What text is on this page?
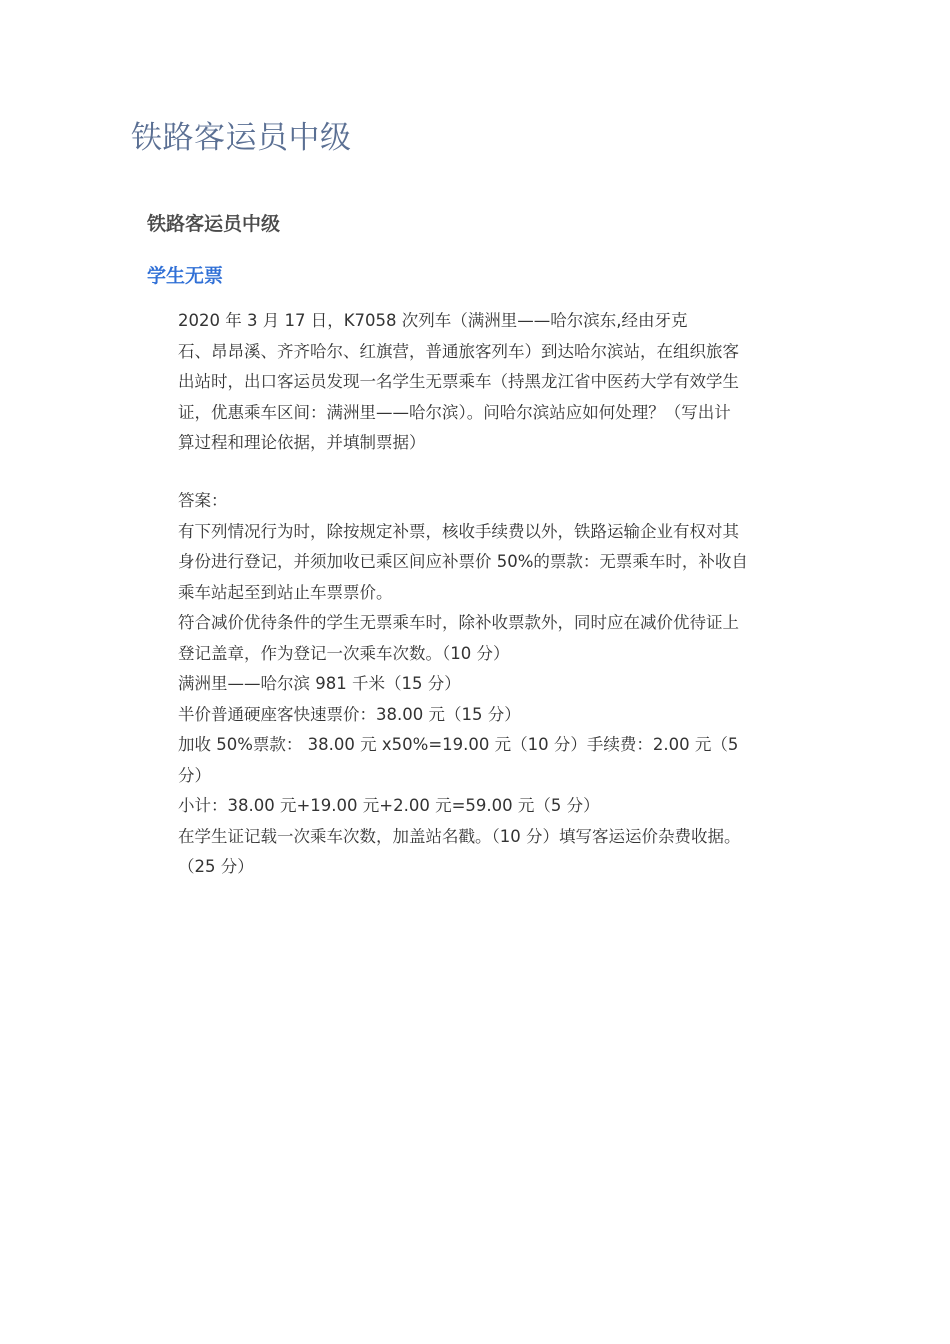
铁路客运员中级
铁路客运员中级
学生无票
2020 年 3 月 17 日，K7058 次列车（满洲里——哈尔滨东,经由牙克
石、昂昂溪、齐齐哈尔、红旗营，普通旅客列车）到达哈尔滨站，在组织旅客
出站时，出口客运员发现一名学生无票乘车（持黑龙江省中医药大学有效学生
证，优惠乘车区间：满洲里——哈尔滨）。问哈尔滨站应如何处理？（写出计
算过程和理论依据，并填制票据）
答案：
有下列情况行为时，除按规定补票，核收手续费以外，铁路运输企业有权对其
身份进行登记，并须加收已乘区间应补票价 50%的票款：无票乘车时，补收自
乘车站起至到站止车票票价。
符合减价优待条件的学生无票乘车时，除补收票款外，同时应在减价优待证上
登记盖章，作为登记一次乘车次数。（10 分）
满洲里——哈尔滨 981 千米（15 分）
半价普通硬座客快速票价：38.00 元（15 分）
加收 50%票款： 38.00 元 x50%=19.00 元（10 分）手续费：2.00 元（5
分）
小计：38.00 元+19.00 元+2.00 元=59.00 元（5 分）
在学生证记载一次乘车次数，加盖站名戳。（10 分）填写客运运价杂费收据。
（25 分）
